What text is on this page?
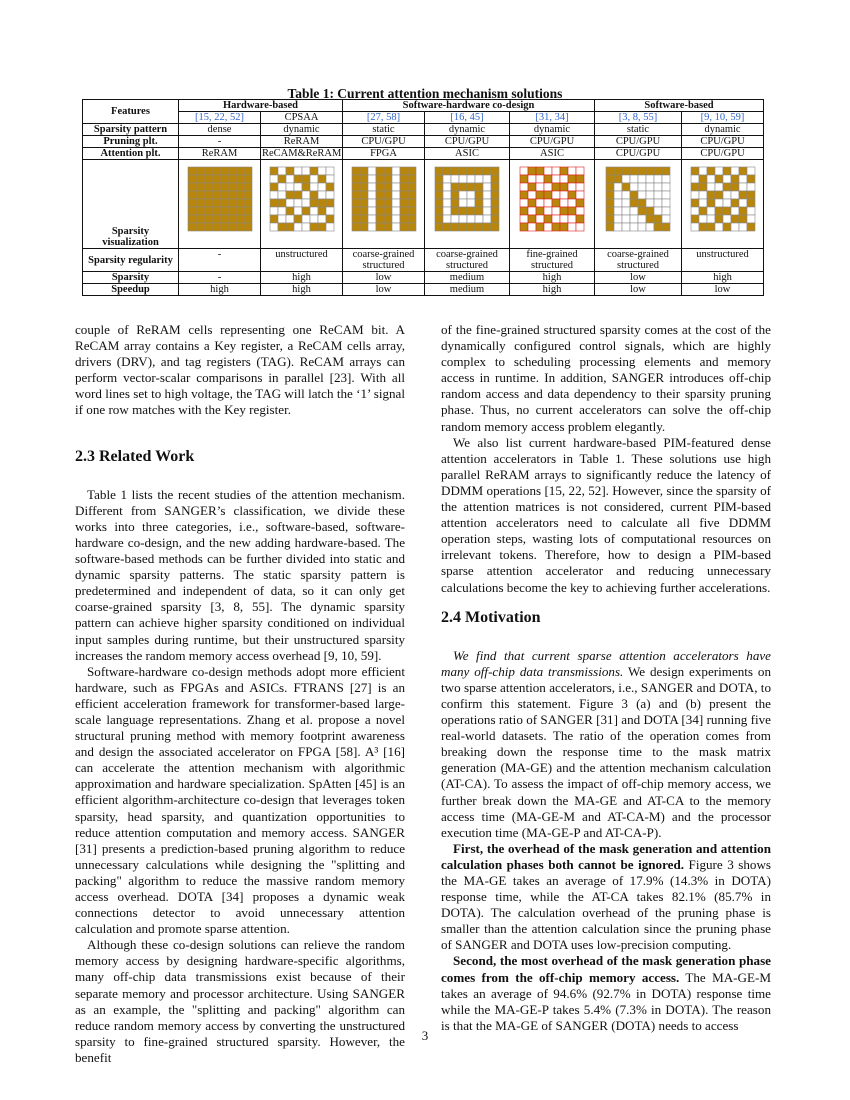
Table 1: Current attention mechanism solutions
Features	Hardware-based		Software-hardware co-design			Software-based	
	[15, 22, 52]	CPSAA	[27, 58]	[16, 45]	[31, 34]	[3, 8, 55]	[9, 10, 59]
Sparsity pattern	dense	dynamic	static	dynamic	dynamic	static	dynamic
Pruning plt.	-	ReRAM	CPU/GPU	CPU/GPU	CPU/GPU	CPU/GPU	CPU/GPU
Attention plt.	ReRAM	ReCAM&ReRAM	FPGA	ASIC	ASIC	CPU/GPU	CPU/GPU
Sparsity visualization	

Sparsity regularity	-	unstructured	coarse-grained structured	coarse-grained structured	fine-grained structured	coarse-grained structured	unstructured
Sparsity	-	high	low	medium	high	low	high
Speedup	high	high	low	medium	high	low	low

couple of ReRAM cells representing one ReCAM bit. A ReCAM array contains a Key register, a ReCAM cells array, drivers (DRV), and tag registers (TAG). ReCAM arrays can perform vector-scalar comparisons in parallel [23]. With all word lines set to high voltage, the TAG will latch the ‘1’ signal if one row matches with the Key register.

2.3 Related Work

Table 1 lists the recent studies of the attention mechanism. Different from SANGER’s classification, we divide these works into three categories, i.e., software-based, software-hardware co-design, and the new adding hardware-based. The software-based methods can be further divided into static and dynamic sparsity patterns. The static sparsity pattern is predetermined and independent of data, so it can only get coarse-grained sparsity [3, 8, 55]. The dynamic sparsity pattern can achieve higher sparsity conditioned on individual input samples during runtime, but their unstructured sparsity increases the random memory access overhead [9, 10, 59].

Software-hardware co-design methods adopt more efficient hardware, such as FPGAs and ASICs. FTRANS [27] is an efficient acceleration framework for transformer-based large-scale language representations. Zhang et al. propose a novel structural pruning method with memory footprint awareness and design the associated accelerator on FPGA [58]. A³ [16] can accelerate the attention mechanism with algorithmic approximation and hardware specialization. SpAtten [45] is an efficient algorithm-architecture co-design that leverages token sparsity, head sparsity, and quantization opportunities to reduce attention computation and memory access. SANGER [31] presents a prediction-based pruning algorithm to reduce unnecessary calculations while designing the "splitting and packing" algorithm to reduce the massive random memory access overhead. DOTA [34] proposes a dynamic weak connections detector to avoid unnecessary attention calculation and promote sparse attention.

Although these co-design solutions can relieve the random memory access by designing hardware-specific algorithms, many off-chip data transmissions exist because of their separate memory and processor architecture. Using SANGER as an example, the "splitting and packing" algorithm can reduce random memory access by converting the unstructured sparsity to fine-grained structured sparsity. However, the benefit

of the fine-grained structured sparsity comes at the cost of the dynamically configured control signals, which are highly complex to scheduling processing elements and memory access in runtime. In addition, SANGER introduces off-chip random access and data dependency to their sparsity pruning phase. Thus, no current accelerators can solve the off-chip random memory access problem elegantly.

We also list current hardware-based PIM-featured dense attention accelerators in Table 1. These solutions use high parallel ReRAM arrays to significantly reduce the latency of DDMM operations [15, 22, 52]. However, since the sparsity of the attention matrices is not considered, current PIM-based attention accelerators need to calculate all five DDMM operation steps, wasting lots of computational resources on irrelevant tokens. Therefore, how to design a PIM-based sparse attention accelerator and reducing unnecessary calculations become the key to achieving further accelerations.

2.4 Motivation

We find that current sparse attention accelerators have many off-chip data transmissions. We design experiments on two sparse attention accelerators, i.e., SANGER and DOTA, to confirm this statement. Figure 3 (a) and (b) present the operations ratio of SANGER [31] and DOTA [34] running five real-world datasets. The ratio of the operation comes from breaking down the response time to the mask matrix generation (MA-GE) and the attention mechanism calculation (AT-CA). To assess the impact of off-chip memory access, we further break down the MA-GE and AT-CA to the memory access time (MA-GE-M and AT-CA-M) and the processor execution time (MA-GE-P and AT-CA-P).

First, the overhead of the mask generation and attention calculation phases both cannot be ignored. Figure 3 shows the MA-GE takes an average of 17.9% (14.3% in DOTA) response time, while the AT-CA takes 82.1% (85.7% in DOTA). The calculation overhead of the pruning phase is smaller than the attention calculation since the pruning phase of SANGER and DOTA uses low-precision computing.

Second, the most overhead of the mask generation phase comes from the off-chip memory access. The MA-GE-M takes an average of 94.6% (92.7% in DOTA) response time while the MA-GE-P takes 5.4% (7.3% in DOTA). The reason is that the MA-GE of SANGER (DOTA) needs to access

3
